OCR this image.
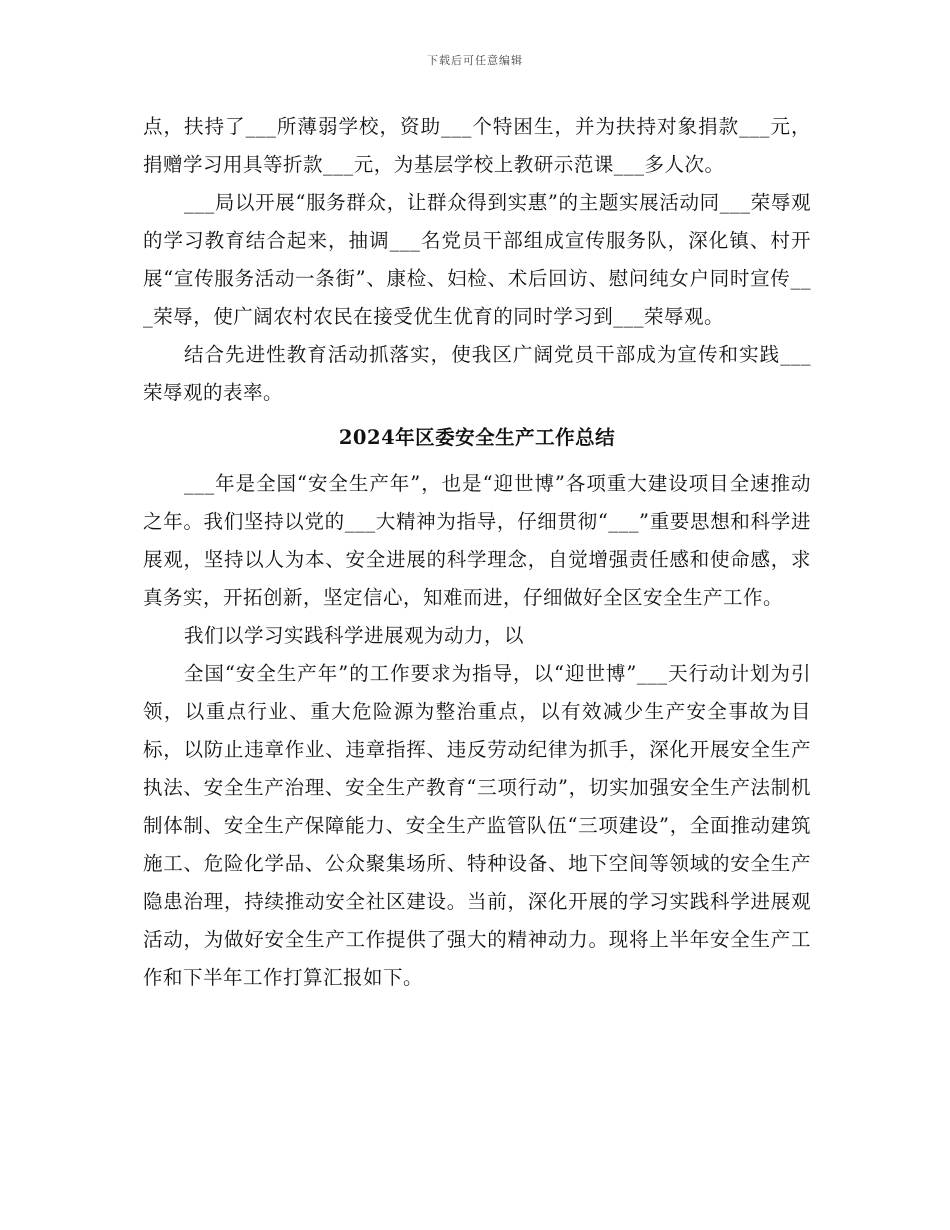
下载后可任意编辑

点，扶持了___所薄弱学校，资助___个特困生，并为扶持对象捐款___元，捐赠学习用具等折款___元，为基层学校上教研示范课___多人次。

___局以开展“服务群众，让群众得到实惠”的主题实展活动同___荣辱观的学习教育结合起来，抽调___名党员干部组成宣传服务队，深化镇、村开展“宣传服务活动一条街”、康检、妇检、术后回访、慰问纯女户同时宣传___荣辱，使广阔农村农民在接受优生优育的同时学习到___荣辱观。

结合先进性教育活动抓落实，使我区广阔党员干部成为宣传和实践___荣辱观的表率。

2024年区委安全生产工作总结

___年是全国“安全生产年”，也是“迎世博”各项重大建设项目全速推动之年。我们坚持以党的___大精神为指导，仔细贯彻“___”重要思想和科学进展观，坚持以人为本、安全进展的科学理念，自觉增强责任感和使命感，求真务实，开拓创新，坚定信心，知难而进，仔细做好全区安全生产工作。

我们以学习实践科学进展观为动力，以

全国“安全生产年”的工作要求为指导，以“迎世博”___天行动计划为引领，以重点行业、重大危险源为整治重点，以有效减少生产安全事故为目标，以防止违章作业、违章指挥、违反劳动纪律为抓手，深化开展安全生产执法、安全生产治理、安全生产教育“三项行动”，切实加强安全生产法制机制体制、安全生产保障能力、安全生产监管队伍“三项建设”，全面推动建筑施工、危险化学品、公众聚集场所、特种设备、地下空间等领域的安全生产隐患治理，持续推动安全社区建设。当前，深化开展的学习实践科学进展观活动，为做好安全生产工作提供了强大的精神动力。现将上半年安全生产工作和下半年工作打算汇报如下。
